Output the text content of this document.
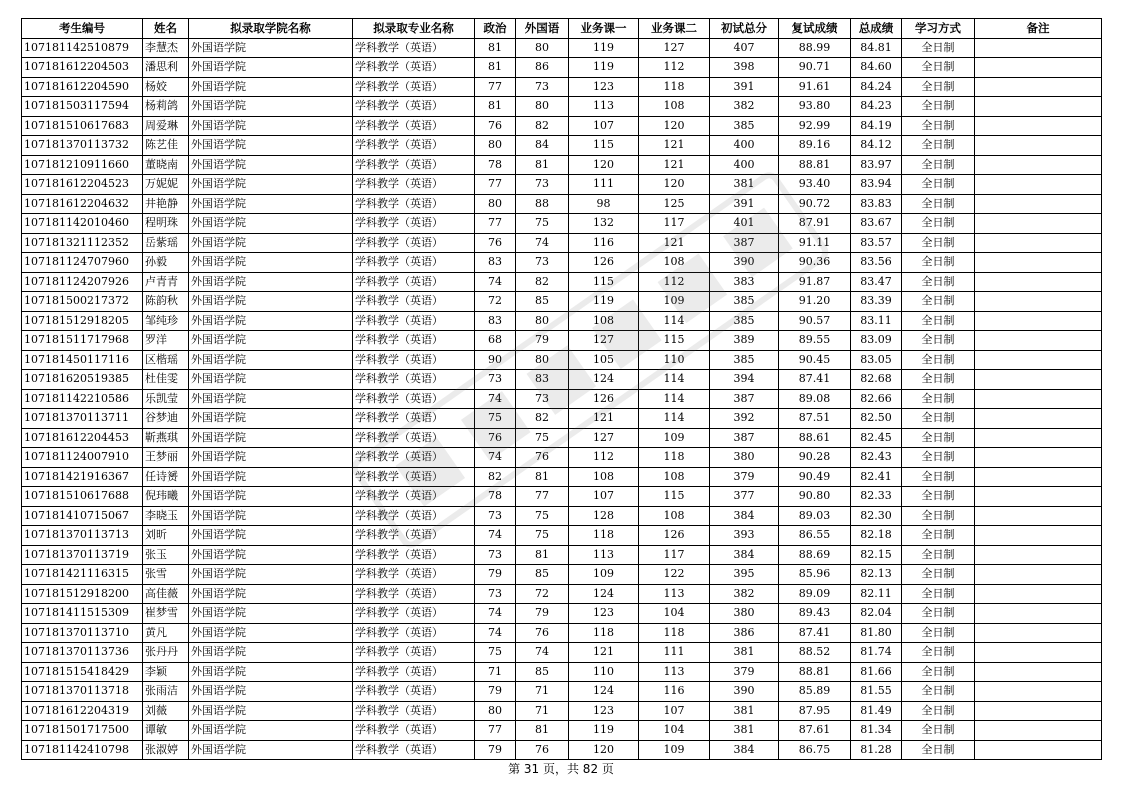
考生编号	姓名	拟录取学院名称	拟录取专业名称	政治	外国语	业务课一	业务课二	初试总分	复试成绩	总成绩	学习方式	备注
107181142510879	李慧杰	外国语学院	学科教学（英语）	81	80	119	127	407	88.99	84.81	全日制	
107181612204503	潘思利	外国语学院	学科教学（英语）	81	86	119	112	398	90.71	84.60	全日制	
107181612204590	杨姣	外国语学院	学科教学（英语）	77	73	123	118	391	91.61	84.24	全日制	
107181503117594	杨莉鸽	外国语学院	学科教学（英语）	81	80	113	108	382	93.80	84.23	全日制	
107181510617683	周爱琳	外国语学院	学科教学（英语）	76	82	107	120	385	92.99	84.19	全日制	
107181370113732	陈艺佳	外国语学院	学科教学（英语）	80	84	115	121	400	89.16	84.12	全日制	
107181210911660	董晓南	外国语学院	学科教学（英语）	78	81	120	121	400	88.81	83.97	全日制	
107181612204523	万妮妮	外国语学院	学科教学（英语）	77	73	111	120	381	93.40	83.94	全日制	
107181612204632	井艳静	外国语学院	学科教学（英语）	80	88	98	125	391	90.72	83.83	全日制	
107181142010460	程明珠	外国语学院	学科教学（英语）	77	75	132	117	401	87.91	83.67	全日制	
107181321112352	岳紫瑶	外国语学院	学科教学（英语）	76	74	116	121	387	91.11	83.57	全日制	
107181124707960	孙毅	外国语学院	学科教学（英语）	83	73	126	108	390	90.36	83.56	全日制	
107181124207926	卢青青	外国语学院	学科教学（英语）	74	82	115	112	383	91.87	83.47	全日制	
107181500217372	陈韵秋	外国语学院	学科教学（英语）	72	85	119	109	385	91.20	83.39	全日制	
107181512918205	邹纯珍	外国语学院	学科教学（英语）	83	80	108	114	385	90.57	83.11	全日制	
107181511717968	罗洋	外国语学院	学科教学（英语）	68	79	127	115	389	89.55	83.09	全日制	
107181450117116	区楷瑶	外国语学院	学科教学（英语）	90	80	105	110	385	90.45	83.05	全日制	
107181620519385	杜佳雯	外国语学院	学科教学（英语）	73	83	124	114	394	87.41	82.68	全日制	
107181142210586	乐凯莹	外国语学院	学科教学（英语）	74	73	126	114	387	89.08	82.66	全日制	
107181370113711	谷梦迪	外国语学院	学科教学（英语）	75	82	121	114	392	87.51	82.50	全日制	
107181612204453	靳燕琪	外国语学院	学科教学（英语）	76	75	127	109	387	88.61	82.45	全日制	
107181124007910	王梦丽	外国语学院	学科教学（英语）	74	76	112	118	380	90.28	82.43	全日制	
107181421916367	任诗赟	外国语学院	学科教学（英语）	82	81	108	108	379	90.49	82.41	全日制	
107181510617688	倪玮曦	外国语学院	学科教学（英语）	78	77	107	115	377	90.80	82.33	全日制	
107181410715067	李晓玉	外国语学院	学科教学（英语）	73	75	128	108	384	89.03	82.30	全日制	
107181370113713	刘昕	外国语学院	学科教学（英语）	74	75	118	126	393	86.55	82.18	全日制	
107181370113719	张玉	外国语学院	学科教学（英语）	73	81	113	117	384	88.69	82.15	全日制	
107181421116315	张雪	外国语学院	学科教学（英语）	79	85	109	122	395	85.96	82.13	全日制	
107181512918200	高佳薇	外国语学院	学科教学（英语）	73	72	124	113	382	89.09	82.11	全日制	
107181411515309	崔梦雪	外国语学院	学科教学（英语）	74	79	123	104	380	89.43	82.04	全日制	
107181370113710	黄凡	外国语学院	学科教学（英语）	74	76	118	118	386	87.41	81.80	全日制	
107181370113736	张丹丹	外国语学院	学科教学（英语）	75	74	121	111	381	88.52	81.74	全日制	
107181515418429	李颖	外国语学院	学科教学（英语）	71	85	110	113	379	88.81	81.66	全日制	
107181370113718	张雨洁	外国语学院	学科教学（英语）	79	71	124	116	390	85.89	81.55	全日制	
107181612204319	刘薇	外国语学院	学科教学（英语）	80	71	123	107	381	87.95	81.49	全日制	
107181501717500	谭敏	外国语学院	学科教学（英语）	77	81	119	104	381	87.61	81.34	全日制	
107181142410798	张淑婷	外国语学院	学科教学（英语）	79	76	120	109	384	86.75	81.28	全日制	
第 31 页，共 82 页
